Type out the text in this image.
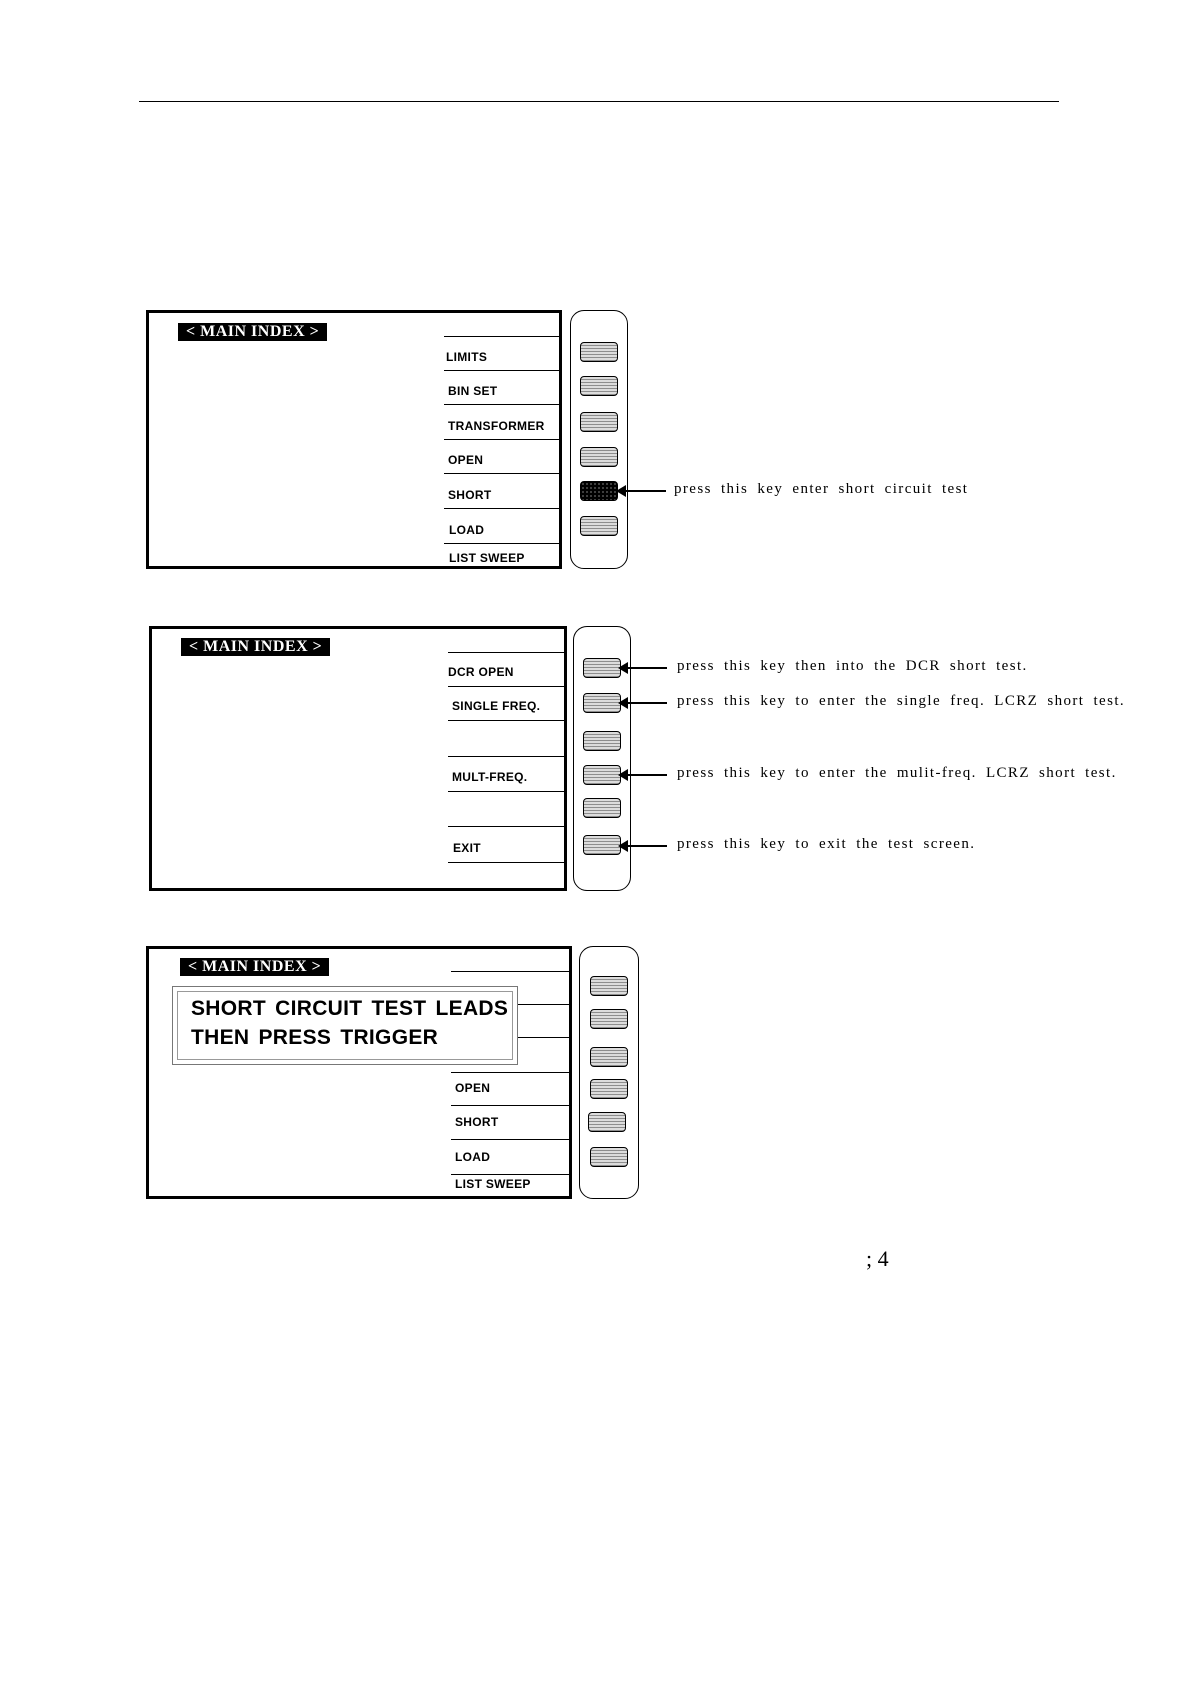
< MAIN INDEX >
LIMITS
BIN SET
TRANSFORMER
OPEN
SHORT
LOAD
LIST SWEEP
press this key enter short circuit test
< MAIN INDEX >
DCR OPEN
SINGLE FREQ.
MULT-FREQ.
EXIT
press this key then into the DCR short test.
press this key to enter the single freq. LCRZ short test.
press this key to enter the mulit-freq. LCRZ short test.
press this key to exit the test screen.
< MAIN INDEX >
OPEN
SHORT
LOAD
LIST SWEEP
SHORT CIRCUIT TEST LEADS
THEN PRESS TRIGGER
; 4
